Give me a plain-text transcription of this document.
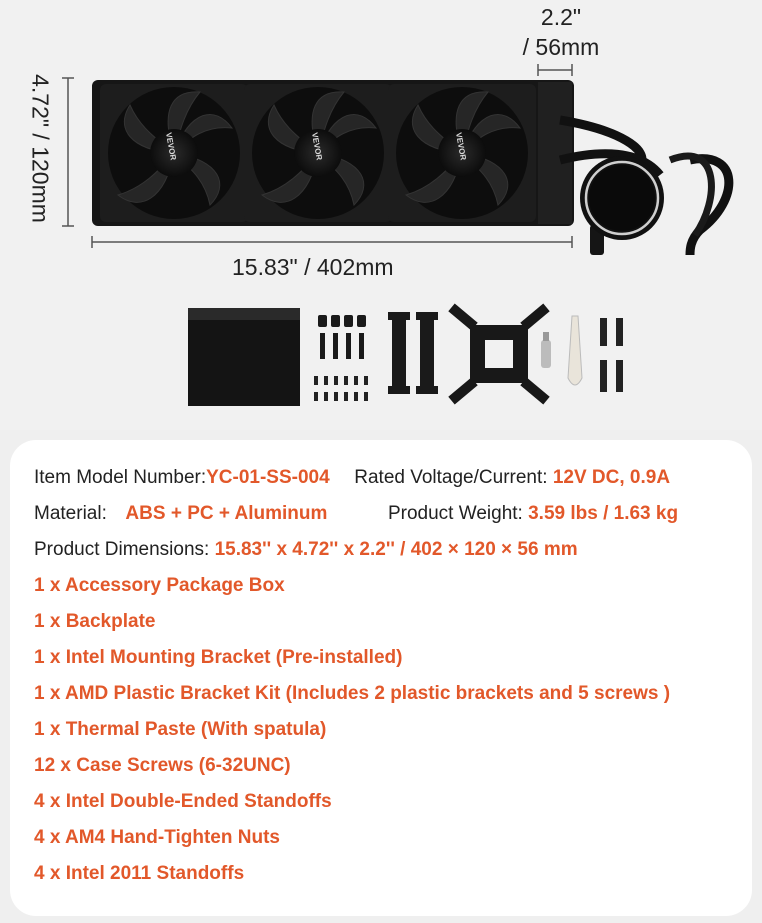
2.2"
/ 56mm
4.72" / 120mm
15.83" / 402mm
VEVOR	VEVOR	VEVOR
Item Model Number:YC-01-SS-004 Rated Voltage/Current: 12V DC, 0.9A
Material: ABS + PC + Aluminum	Product Weight: 3.59 lbs / 1.63 kg
Product Dimensions: 15.83'' x 4.72'' x 2.2'' / 402 × 120 × 56 mm
1 x Accessory Package Box
1 x Backplate
1 x Intel Mounting Bracket (Pre-installed)
1 x AMD Plastic Bracket Kit (Includes 2 plastic brackets and 5 screws )
1 x Thermal Paste (With spatula)
12 x Case Screws (6-32UNC)
4 x Intel Double-Ended Standoffs
4 x AM4 Hand-Tighten Nuts
4 x Intel 2011 Standoffs
